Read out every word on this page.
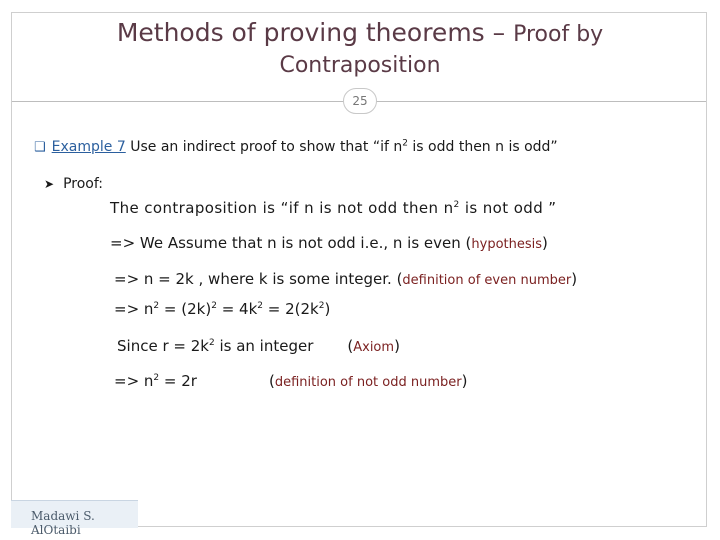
Methods of proving theorems – Proof by
Contraposition
25
❑ Example 7 Use an indirect proof to show that “if $n^2$ is odd then n is odd”
➤ Proof:
The contraposition is “if n is not odd then $n^2$ is not odd ”
=> We Assume that n is not odd i.e., n is even (hypothesis)
=> n = 2k , where k is some integer. (definition of even number)
=> $n^2 = (2k)^2 = 4k^2 = 2(2k^2)$
Since $r = 2k^2$ is an integer (Axiom)
=> $n^2 = 2r$	(definition of not odd number)
Madawi S. AlOtaibi
